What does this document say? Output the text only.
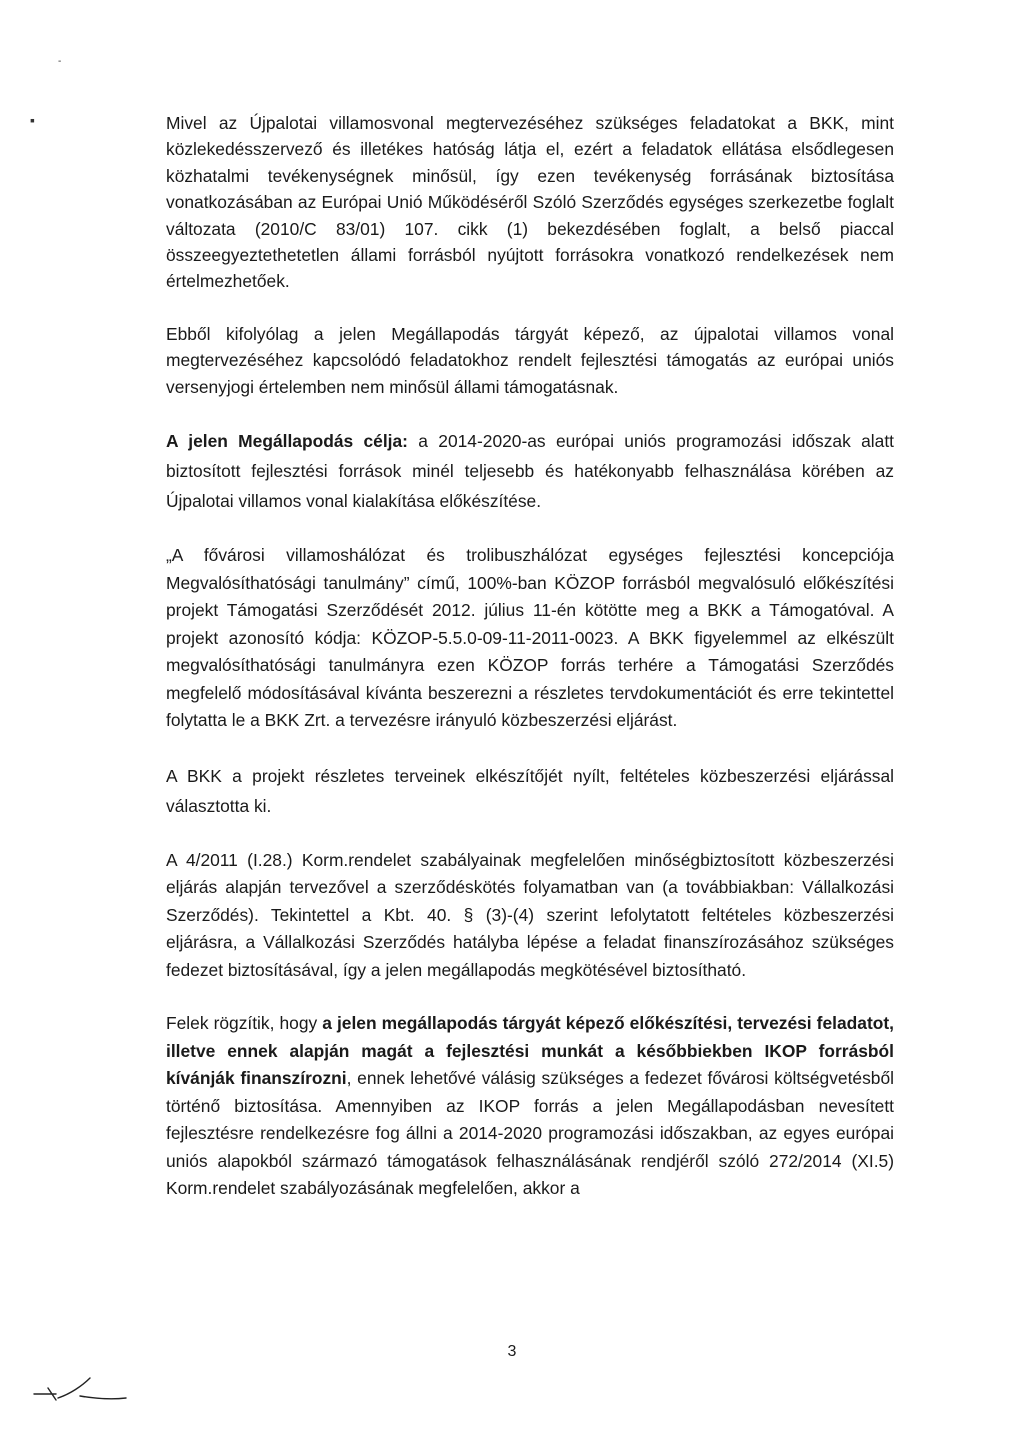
▪
-

Mivel az Újpalotai villamosvonal megtervezéséhez szükséges feladatokat a BKK, mint közlekedésszervező és illetékes hatóság látja el, ezért a feladatok ellátása elsődlegesen közhatalmi tevékenységnek minősül, így ezen tevékenység forrásának biztosítása vonatkozásában az Európai Unió Működéséről Szóló Szerződés egységes szerkezetbe foglalt változata (2010/C 83/01) 107. cikk (1) bekezdésében foglalt, a belső piaccal összeegyeztethetetlen állami forrásból nyújtott forrásokra vonatkozó rendelkezések nem értelmezhetőek.

Ebből kifolyólag a jelen Megállapodás tárgyát képező, az újpalotai villamos vonal megtervezéséhez kapcsolódó feladatokhoz rendelt fejlesztési támogatás az európai uniós versenyjogi értelemben nem minősül állami támogatásnak.

A jelen Megállapodás célja: a 2014-2020-as európai uniós programozási időszak alatt biztosított fejlesztési források minél teljesebb és hatékonyabb felhasználása körében az Újpalotai villamos vonal kialakítása előkészítése.

„A fővárosi villamoshálózat és trolibuszhálózat egységes fejlesztési koncepciója Megvalósíthatósági tanulmány” című, 100%-ban KÖZOP forrásból megvalósuló előkészítési projekt Támogatási Szerződését 2012. július 11-én kötötte meg a BKK a Támogatóval. A projekt azonosító kódja: KÖZOP-5.5.0-09-11-2011-0023. A BKK figyelemmel az elkészült megvalósíthatósági tanulmányra ezen KÖZOP forrás terhére a Támogatási Szerződés megfelelő módosításával kívánta beszerezni a részletes tervdokumentációt és erre tekintettel folytatta le a BKK Zrt. a tervezésre irányuló közbeszerzési eljárást.

A BKK a projekt részletes terveinek elkészítőjét nyílt, feltételes közbeszerzési eljárással választotta ki.

A 4/2011 (I.28.) Korm.rendelet szabályainak megfelelően minőségbiztosított közbeszerzési eljárás alapján tervezővel a szerződéskötés folyamatban van (a továbbiakban: Vállalkozási Szerződés). Tekintettel a Kbt. 40. § (3)-(4) szerint lefolytatott feltételes közbeszerzési eljárásra, a Vállalkozási Szerződés hatályba lépése a feladat finanszírozásához szükséges fedezet biztosításával, így a jelen megállapodás megkötésével biztosítható.

Felek rögzítik, hogy a jelen megállapodás tárgyát képező előkészítési, tervezési feladatot, illetve ennek alapján magát a fejlesztési munkát a későbbiekben IKOP forrásból kívánják finanszírozni, ennek lehetővé válásig szükséges a fedezet fővárosi költségvetésből történő biztosítása. Amennyiben az IKOP forrás a jelen Megállapodásban nevesített fejlesztésre rendelkezésre fog állni a 2014-2020 programozási időszakban, az egyes európai uniós alapokból származó támogatások felhasználásának rendjéről szóló 272/2014 (XI.5) Korm.rendelet szabályozásának megfelelően, akkor a

3
